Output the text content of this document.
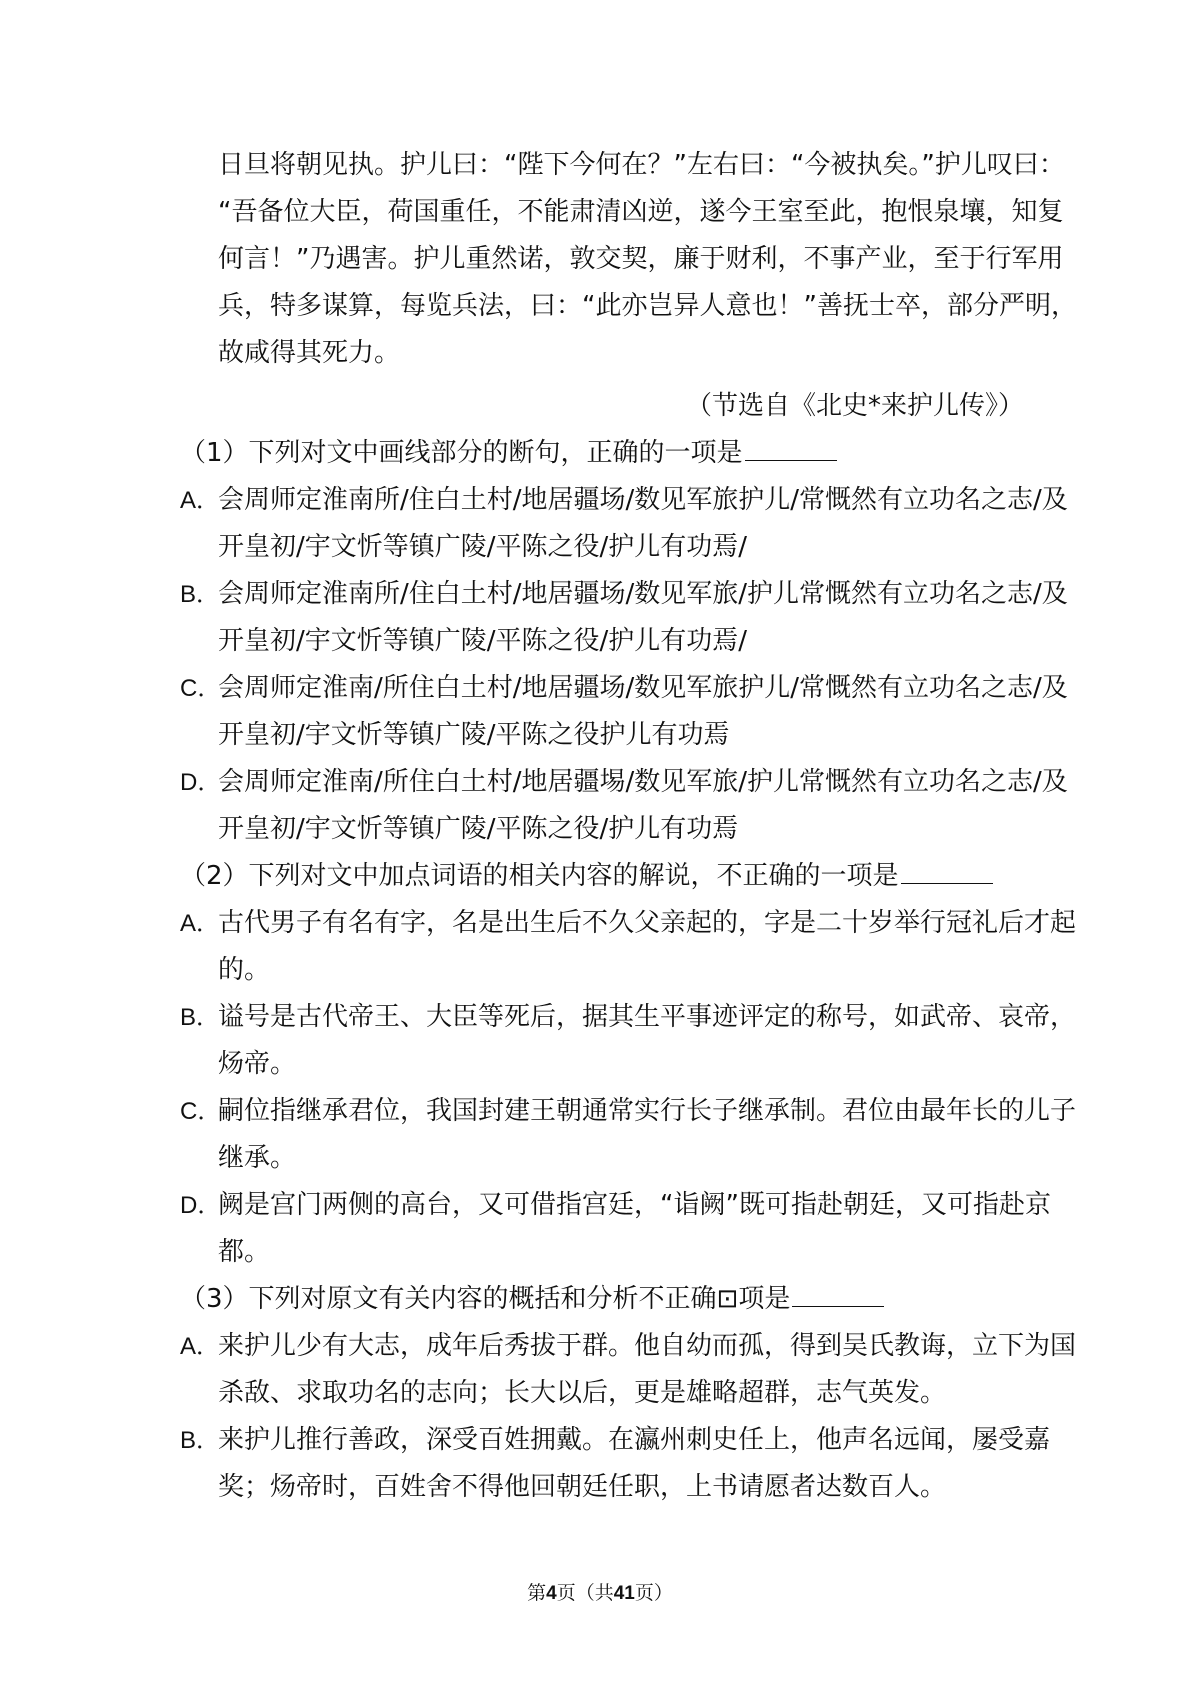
日旦将朝见执。护儿曰：“陛下今何在？”左右曰：“今被执矣。”护儿叹曰：
“吾备位大臣，荷国重任，不能肃清凶逆，遂今王室至此，抱恨泉壤，知复
何言！”乃遇害。护儿重然诺，敦交契，廉于财利，不事产业，至于行军用
兵，特多谋算，每览兵法，曰：“此亦岂异人意也！”善抚士卒，部分严明，
故咸得其死力。
（节选自《北史*来护儿传》）
（1）下列对文中画线部分的断句，正确的一项是
A．
会周师定淮南所/住白土村/地居疆场/数见军旅护儿/常慨然有立功名之志/及
开皇初/宇文忻等镇广陵/平陈之役/护儿有功焉/
B．
会周师定淮南所/住白土村/地居疆场/数见军旅/护儿常慨然有立功名之志/及
开皇初/宇文忻等镇广陵/平陈之役/护儿有功焉/
C．
会周师定淮南/所住白土村/地居疆场/数见军旅护儿/常慨然有立功名之志/及
开皇初/宇文忻等镇广陵/平陈之役护儿有功焉
D．
会周师定淮南/所住白土村/地居疆埸/数见军旅/护儿常慨然有立功名之志/及
开皇初/宇文忻等镇广陵/平陈之役/护儿有功焉
（2）下列对文中加点词语的相关内容的解说，不正确的一项是
A．
古代男子有名有字，名是出生后不久父亲起的，字是二十岁举行冠礼后才起
的。
B．
谥号是古代帝王、大臣等死后，据其生平事迹评定的称号，如武帝、哀帝，
炀帝。
C．
嗣位指继承君位，我国封建王朝通常实行长子继承制。君位由最年长的儿子
继承。
D．
阙是宫门两侧的高台，又可借指宫廷，“诣阙”既可指赴朝廷，又可指赴京
都。
（3）下列对原文有关内容的概括和分析不正确⊡项是
A．
来护儿少有大志，成年后秀拔于群。他自幼而孤，得到吴氏教诲，立下为国
杀敌、求取功名的志向；长大以后，更是雄略超群，志气英发。
B．
来护儿推行善政，深受百姓拥戴。在瀛州刺史任上，他声名远闻，屡受嘉
奖；炀帝时，百姓舍不得他回朝廷任职，上书请愿者达数百人。
第4页（共41页）
